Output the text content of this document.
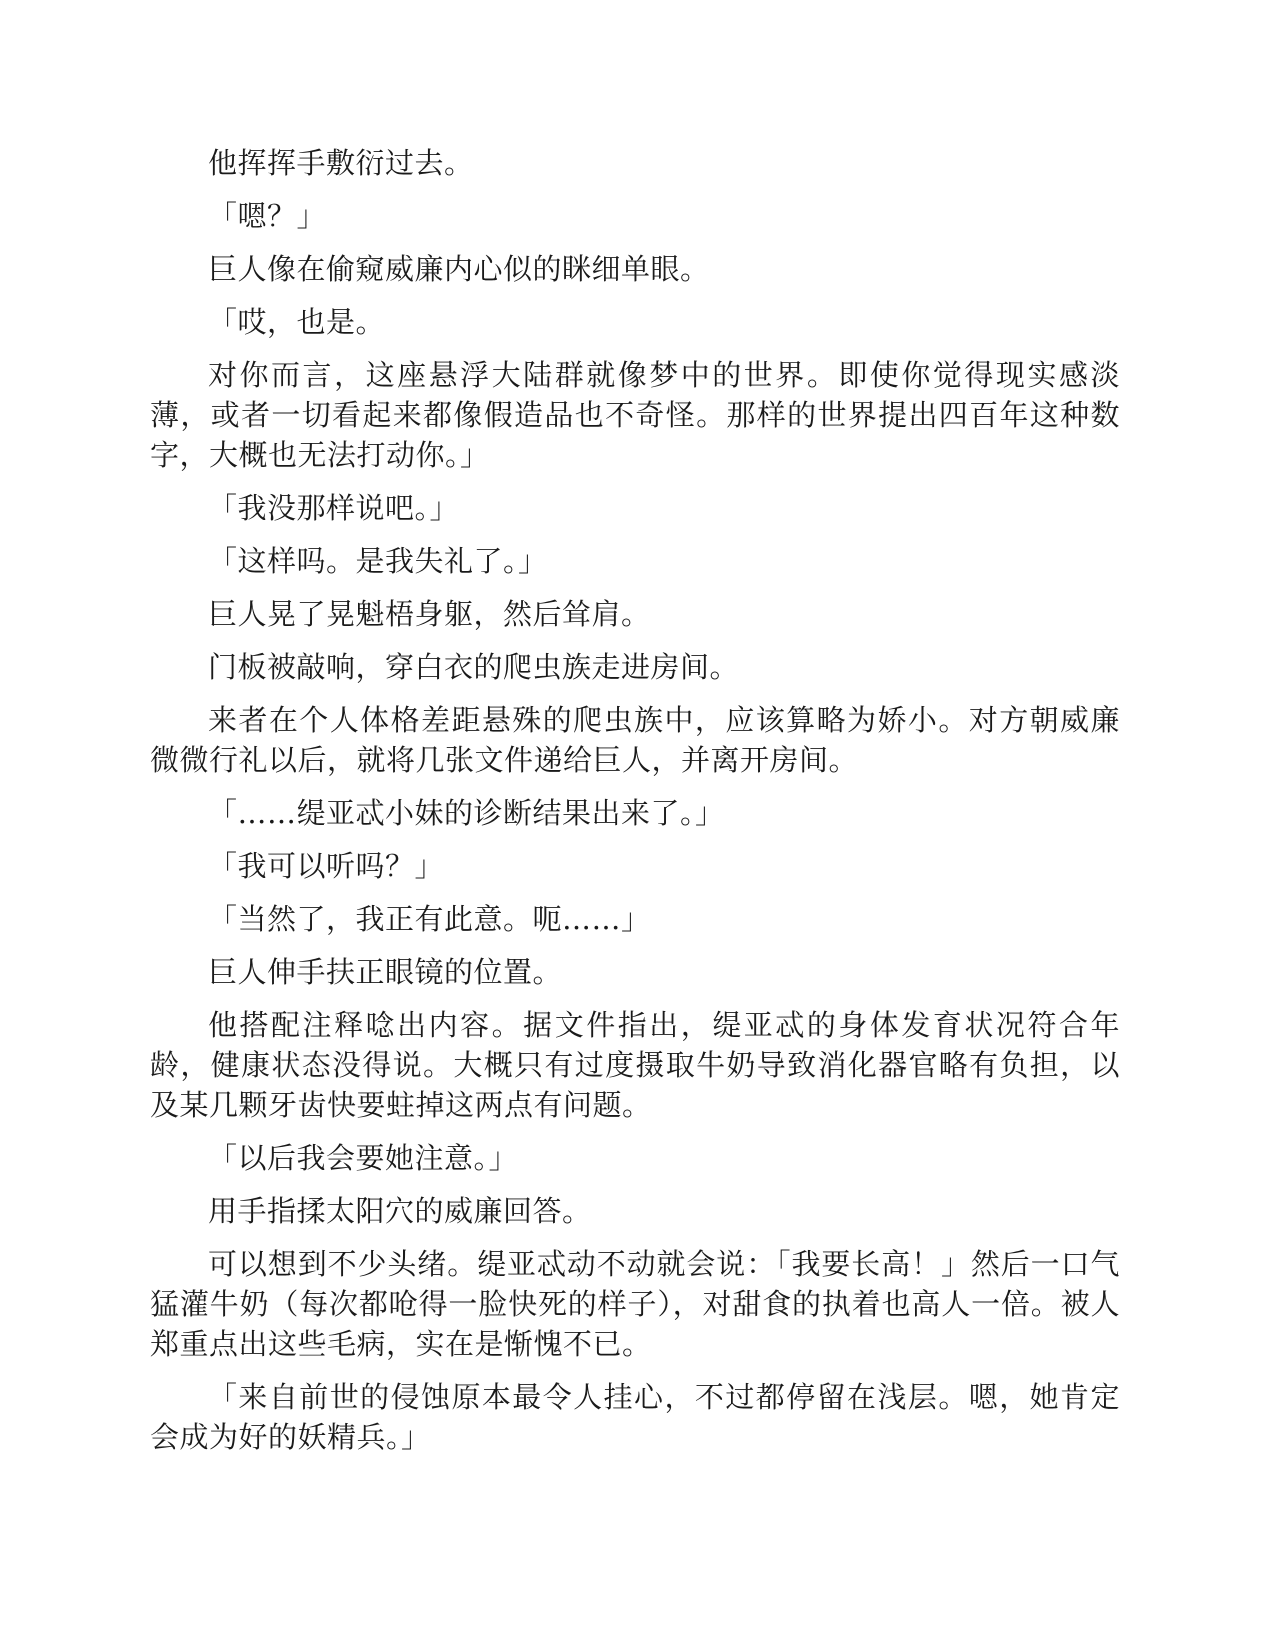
他挥挥手敷衍过去。

「嗯？」

巨人像在偷窥威廉内心似的眯细单眼。

「哎，也是。

对你而言，这座悬浮大陆群就像梦中的世界。即使你觉得现实感淡薄，或者一切看起来都像假造品也不奇怪。那样的世界提出四百年这种数字，大概也无法打动你。」

「我没那样说吧。」

「这样吗。是我失礼了。」

巨人晃了晃魁梧身躯，然后耸肩。

门板被敲响，穿白衣的爬虫族走进房间。

来者在个人体格差距悬殊的爬虫族中，应该算略为娇小。对方朝威廉微微行礼以后，就将几张文件递给巨人，并离开房间。

「……缇亚忒小妹的诊断结果出来了。」

「我可以听吗？」

「当然了，我正有此意。呃……」

巨人伸手扶正眼镜的位置。

他搭配注释唸出内容。据文件指出，缇亚忒的身体发育状况符合年龄，健康状态没得说。大概只有过度摄取牛奶导致消化器官略有负担，以及某几颗牙齿快要蛀掉这两点有问题。

「以后我会要她注意。」

用手指揉太阳穴的威廉回答。

可以想到不少头绪。缇亚忒动不动就会说：「我要长高！」然后一口气猛灌牛奶（每次都呛得一脸快死的样子），对甜食的执着也高人一倍。被人郑重点出这些毛病，实在是惭愧不已。

「来自前世的侵蚀原本最令人挂心，不过都停留在浅层。嗯，她肯定会成为好的妖精兵。」
